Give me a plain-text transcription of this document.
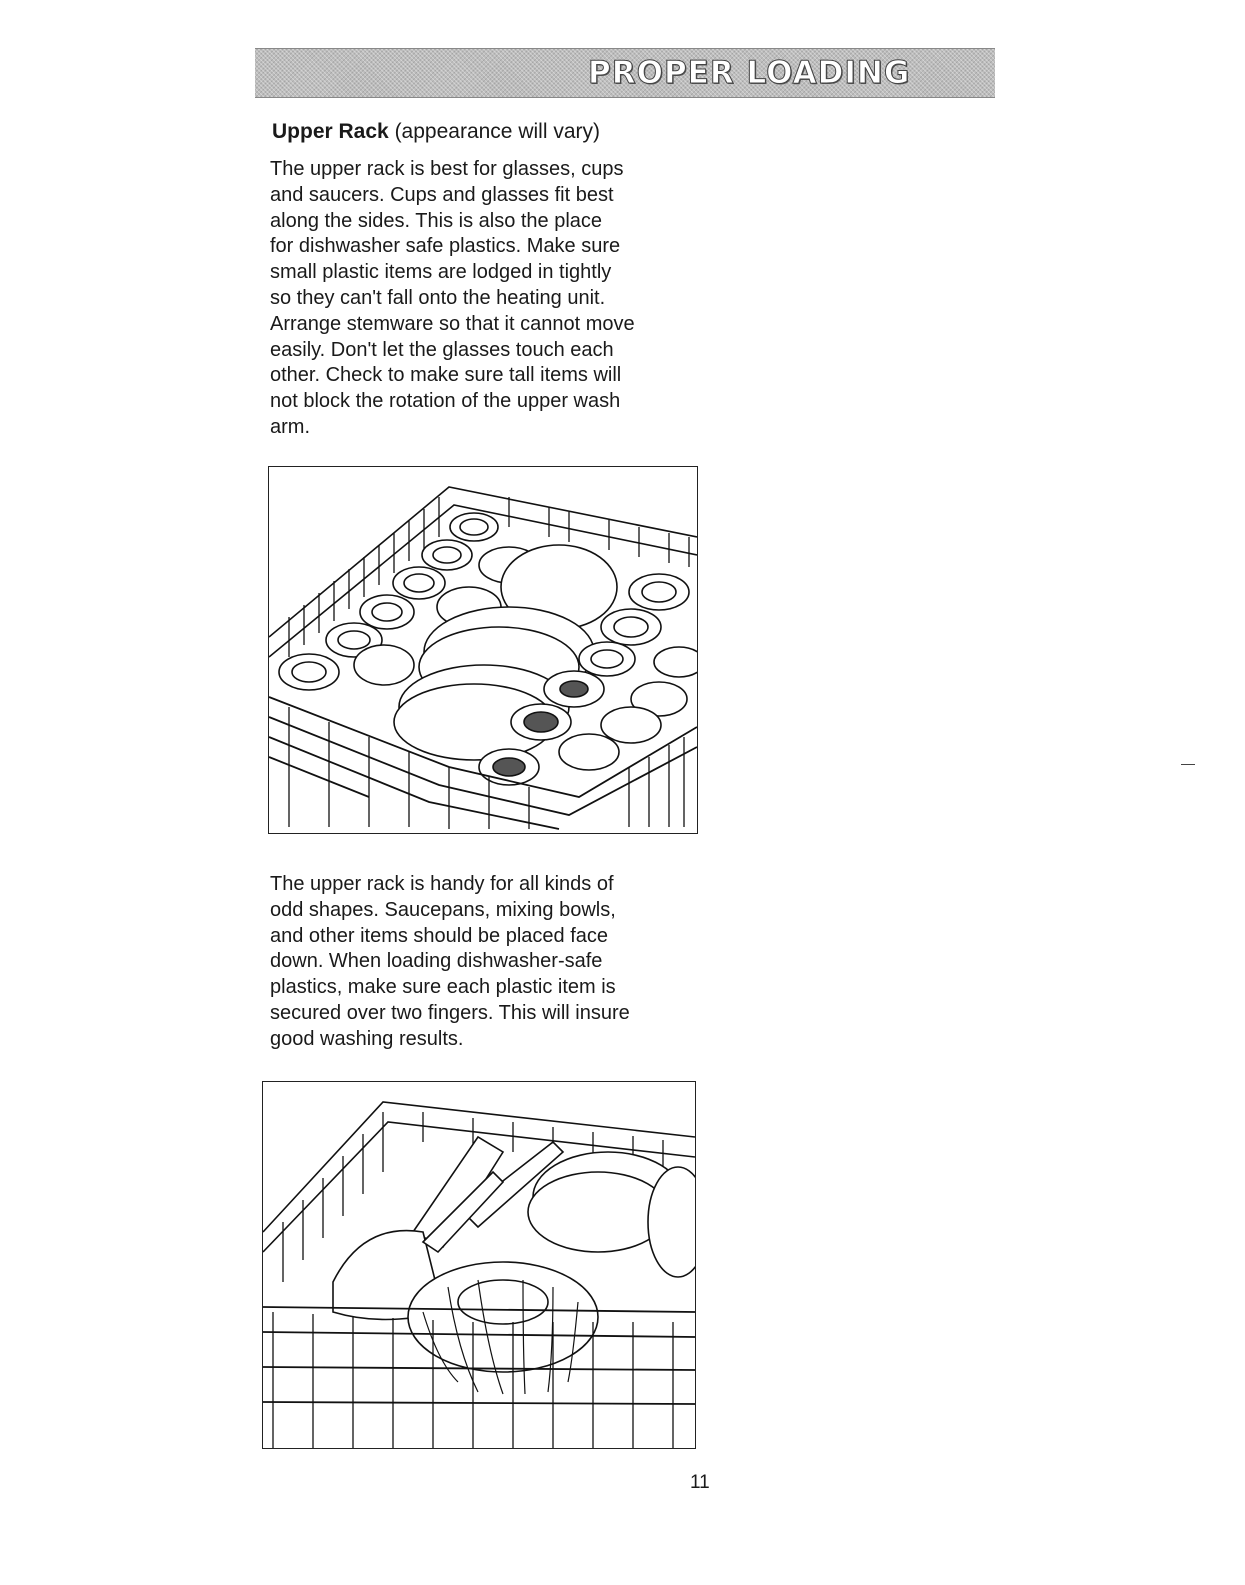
PROPER LOADING
Upper Rack (appearance will vary)

The upper rack is best for glasses, cups
and saucers. Cups and glasses fit best
along the sides. This is also the place
for dishwasher safe plastics. Make sure
small plastic items are lodged in tightly
so they can't fall onto the heating unit.
Arrange stemware so that it cannot move
easily. Don't let the glasses touch each
other. Check to make sure tall items will
not block the rotation of the upper wash
arm.

The upper rack is handy for all kinds of
odd shapes. Saucepans, mixing bowls,
and other items should be placed face
down. When loading dishwasher-safe
plastics, make sure each plastic item is
secured over two fingers. This will insure
good washing results.

11
